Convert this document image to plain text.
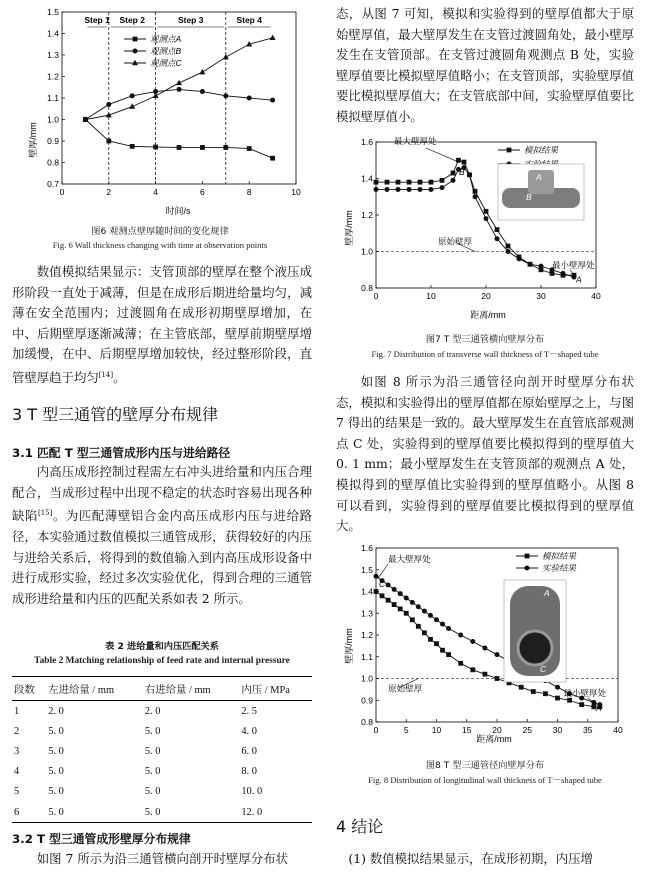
壁厚/mm
时间/s
0	2	4	6	8	10
0.7
0.8
0.9
1.0
1.1
1.2
1.3
1.4
1.5
Step 1 Step 2	Step 3	Step 4
观测点A
观测点B
观测点C
图6 观测点壁厚随时间的变化规律
Fig. 6 Wall thickness changing with time at observation points
数值模拟结果显示：支管顶部的壁厚在整个液压成形阶段一直处于减薄，但是在成形后期进给量均匀，减薄在安全范围内；过渡圆角在成形初期壁厚增加，在中、后期壁厚逐渐减薄；在主管底部，壁厚前期壁厚增加缓慢，在中、后期壁厚增加较快，经过整形阶段，直管壁厚趋于均匀[14]。
3 T 型三通管的壁厚分布规律
3.1 匹配 T 型三通管成形内压与进给路径
内高压成形控制过程需左右冲头进给量和内压合理配合，当成形过程中出现不稳定的状态时容易出现各种缺陷[15]。为匹配薄壁铝合金内高压成形内压与进给路径，本实验通过数值模拟三通管成形，获得较好的内压与进给关系后，将得到的数值输入到内高压成形设备中进行成形实验，经过多次实验优化，得到合理的三通管成形进给量和内压的匹配关系如表 2 所示。
表 2 进给量和内压匹配关系
Table 2 Matching relationship of feed rate and internal pressure
段数	左进给量 / mm	右进给量 / mm	内压 / MPa
1	2. 0	2. 0	2. 5
2	5. 0	5. 0	4. 0
3	5. 0	5. 0	6. 0
4	5. 0	5. 0	8. 0
5	5. 0	5. 0	10. 0
6	5. 0	5. 0	12. 0
3.2 T 型三通管成形壁厚分布规律
如图 7 所示为沿三通管横向剖开时壁厚分布状
态，从图 7 可知，模拟和实验得到的壁厚值都大于原始壁厚值，最大壁厚发生在支管过渡圆角处，最小壁厚发生在支管顶部。在支管过渡圆角观测点 B 处，实验壁厚值要比模拟壁厚值略小；在支管顶部，实验壁厚值要比模拟壁厚值大；在支管底部中间，实验壁厚值要比模拟壁厚值小。
壁厚/mm
距离/mm
0	10	20	30	40
0.8
1.0
1.2
1.4
1.6
模拟结果
最大壁厚处
原始壁厚
最小壁厚处
B
A
A
B
图7 T 型三通管横向壁厚分布
Fig. 7 Distribution of transverse wall thickness of T－shaped tube
如图 8 所示为沿三通管径向剖开时壁厚分布状态，模拟和实验得出的壁厚值都在原始壁厚之上，与图 7 得出的结果是一致的。最大壁厚发生在直管底部观测点 C 处，实验得到的壁厚值要比模拟得到的壁厚值大 0. 1 mm；最小壁厚发生在支管顶部的观测点 A 处，模拟得到的壁厚值比实验得到的壁厚值略小。从图 8 可以看到，实验得到的壁厚值要比模拟得到的壁厚值大。
壁厚/mm
距离/mm
0	5	10 15 20 25 30 35 40
0.8
0.9
1.0
1.1
1.2
1.3
1.4
1.5
1.6
模拟结果
实验结果
最大壁厚处
原始壁厚	最小壁厚处
C
A
A
C
图8 T 型三通管径向壁厚分布
Fig. 8 Distribution of longitudinal wall thickness of T－shaped tube
4 结论
(1) 数值模拟结果显示，在成形初期，内压增
